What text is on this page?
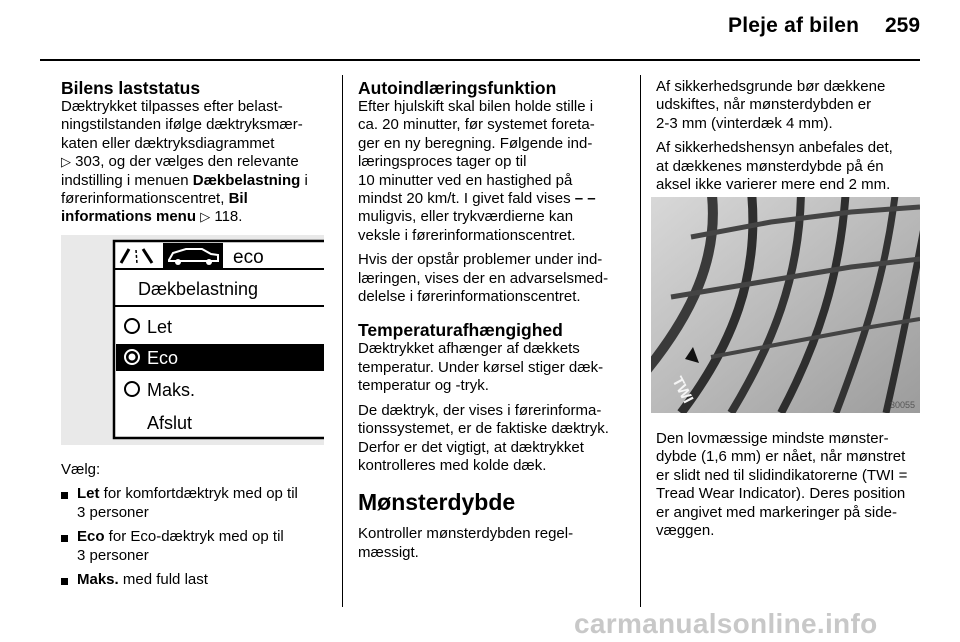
Pleje af bilen 259
Bilens laststatus
Dæktrykket tilpasses efter belast-
ningstilstanden ifølge dæktryksmær-
katen eller dæktryksdiagrammet
▷ 303, og der vælges den relevante
indstilling i menuen Dækbelastning i
førerinformationscentret, Bil
informations menu ▷ 118.
eco
Dækbelastning
Let
Eco
Maks.
Afslut

Vælg:

Let for komfortdæktryk med op til
3 personer
Eco for Eco-dæktryk med op til
3 personer
Maks. med fuld last
Autoindlæringsfunktion

Efter hjulskift skal bilen holde stille i
ca. 20 minutter, før systemet foreta-
ger en ny beregning. Følgende ind-
læringsproces tager op til
10 minutter ved en hastighed på
mindst 20 km/t. I givet fald vises – –
muligvis, eller trykværdierne kan
veksle i førerinformationscentret.

Hvis der opstår problemer under ind-
læringen, vises der en advarselsmed-
delelse i førerinformationscentret.

Temperaturafhængighed

Dæktrykket afhænger af dækkets
temperatur. Under kørsel stiger dæk-
temperatur og -tryk.

De dæktryk, der vises i førerinforma-
tionssystemet, er de faktiske dæktryk.
Derfor er det vigtigt, at dæktrykket
kontrolleres med kolde dæk.

Mønsterdybde

Kontroller mønsterdybden regel-
mæssigt.

Af sikkerhedsgrunde bør dækkene
udskiftes, når mønsterdybden er
2-3 mm (vinterdæk 4 mm).

Af sikkerhedshensyn anbefales det,
at dækkenes mønsterdybde på én
aksel ikke varierer mere end 2 mm.

TWI	30055

Den lovmæssige mindste mønster-
dybde (1,6 mm) er nået, når mønstret
er slidt ned til slidindikatorerne (TWI =
Tread Wear Indicator). Deres position
er angivet med markeringer på side-
væggen.

carmanualsonline.info
